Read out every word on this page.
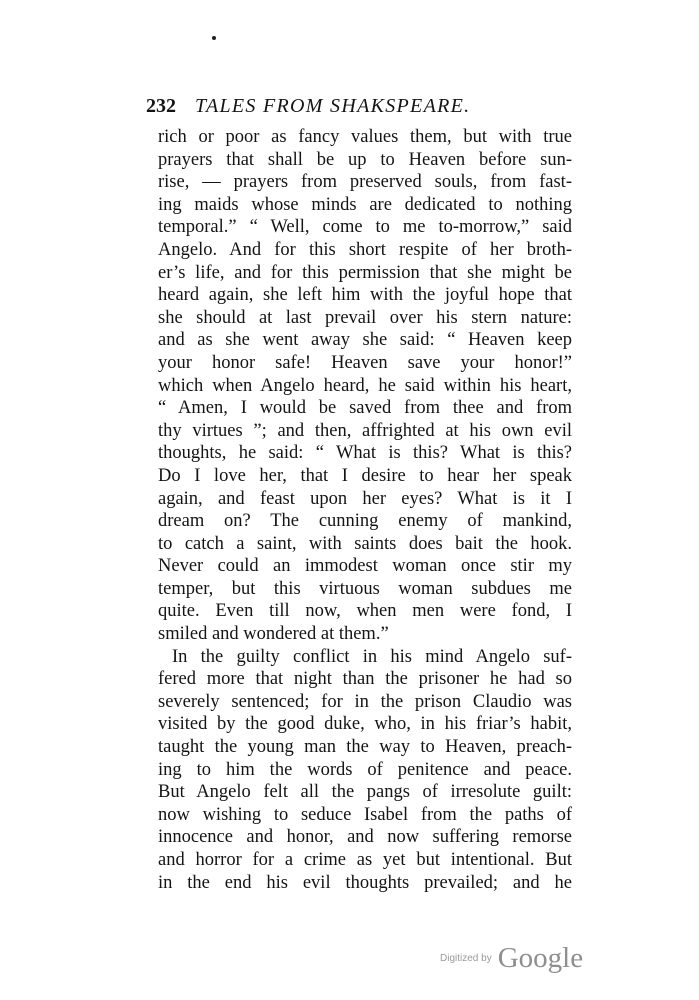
232 TALES FROM SHAKSPEARE.
rich or poor as fancy values them, but with true
prayers that shall be up to Heaven before sun-
rise, — prayers from preserved souls, from fast-
ing maids whose minds are dedicated to nothing
temporal.” “ Well, come to me to-morrow,” said
Angelo. And for this short respite of her broth-
er’s life, and for this permission that she might be
heard again, she left him with the joyful hope that
she should at last prevail over his stern nature:
and as she went away she said: “ Heaven keep
your honor safe! Heaven save your honor!”
which when Angelo heard, he said within his heart,
“ Amen, I would be saved from thee and from
thy virtues ”; and then, affrighted at his own evil
thoughts, he said: “ What is this? What is this?
Do I love her, that I desire to hear her speak
again, and feast upon her eyes? What is it I
dream on? The cunning enemy of mankind,
to catch a saint, with saints does bait the hook.
Never could an immodest woman once stir my
temper, but this virtuous woman subdues me
quite. Even till now, when men were fond, I
smiled and wondered at them.”
In the guilty conflict in his mind Angelo suf-
fered more that night than the prisoner he had so
severely sentenced; for in the prison Claudio was
visited by the good duke, who, in his friar’s habit,
taught the young man the way to Heaven, preach-
ing to him the words of penitence and peace.
But Angelo felt all the pangs of irresolute guilt:
now wishing to seduce Isabel from the paths of
innocence and honor, and now suffering remorse
and horror for a crime as yet but intentional. But
in the end his evil thoughts prevailed; and he
Digitized by Google
